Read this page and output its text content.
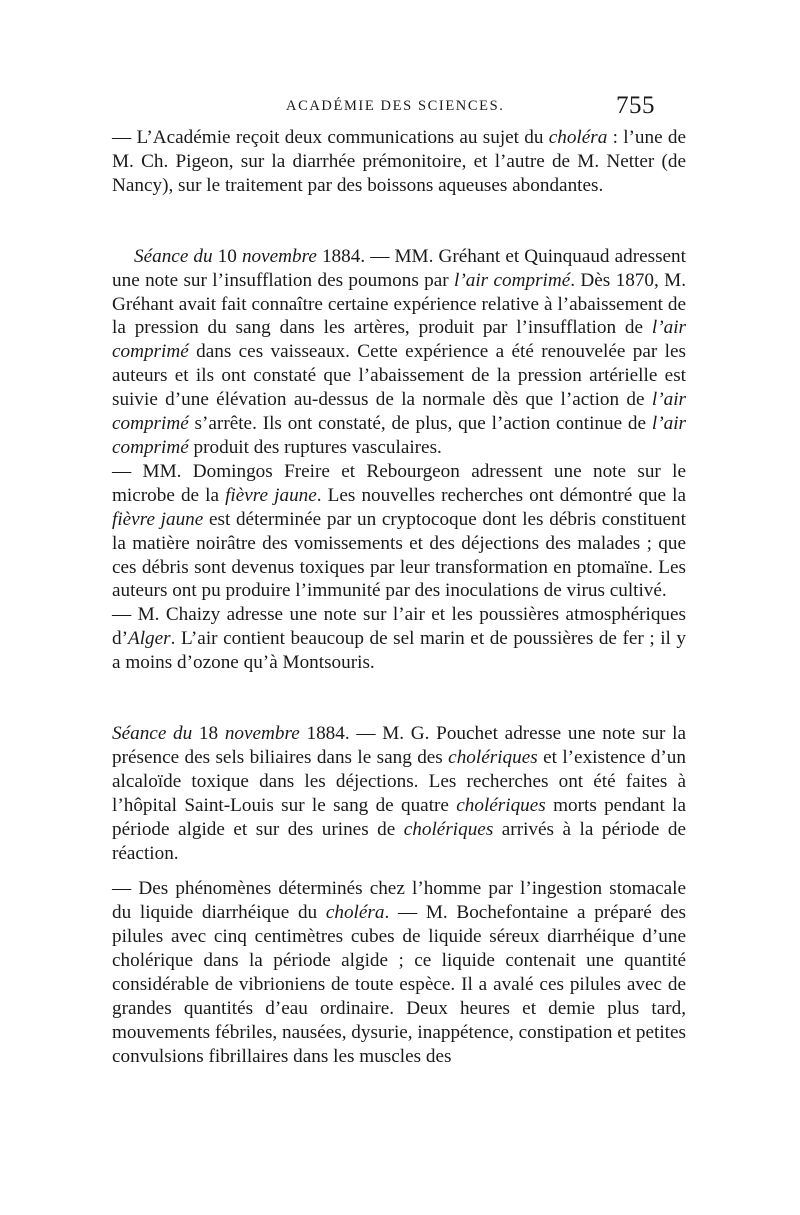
ACADÉMIE DES SCIENCES.	755

— L’Académie reçoit deux communications au sujet du choléra : l’une de M. Ch. Pigeon, sur la diarrhée prémonitoire, et l’autre de M. Netter (de Nancy), sur le traitement par des boissons aqueuses abondantes.

Séance du 10 novembre 1884. — MM. Gréhant et Quinquaud adressent une note sur l’insufflation des poumons par l’air comprimé. Dès 1870, M. Gréhant avait fait connaître certaine expérience relative à l’abaissement de la pression du sang dans les artères, produit par l’insufflation de l’air comprimé dans ces vaisseaux. Cette expérience a été renouvelée par les auteurs et ils ont constaté que l’abaissement de la pression artérielle est suivie d’une élévation au-dessus de la normale dès que l’action de l’air comprimé s’arrête. Ils ont constaté, de plus, que l’action continue de l’air comprimé produit des ruptures vasculaires.

— MM. Domingos Freire et Rebourgeon adressent une note sur le microbe de la fièvre jaune. Les nouvelles recherches ont démontré que la fièvre jaune est déterminée par un cryptocoque dont les débris constituent la matière noirâtre des vomissements et des déjections des malades ; que ces débris sont devenus toxiques par leur transformation en ptomaïne. Les auteurs ont pu produire l’immunité par des inoculations de virus cultivé.

— M. Chaizy adresse une note sur l’air et les poussières atmosphériques d’Alger. L’air contient beaucoup de sel marin et de poussières de fer ; il y a moins d’ozone qu’à Montsouris.

Séance du 18 novembre 1884. — M. G. Pouchet adresse une note sur la présence des sels biliaires dans le sang des cholériques et l’existence d’un alcaloïde toxique dans les déjections. Les recherches ont été faites à l’hôpital Saint-Louis sur le sang de quatre cholériques morts pendant la période algide et sur des urines de cholériques arrivés à la période de réaction.

— Des phénomènes déterminés chez l’homme par l’ingestion stomacale du liquide diarrhéique du choléra. — M. Bochefontaine a préparé des pilules avec cinq centimètres cubes de liquide séreux diarrhéique d’une cholérique dans la période algide ; ce liquide contenait une quantité considérable de vibrioniens de toute espèce. Il a avalé ces pilules avec de grandes quantités d’eau ordinaire. Deux heures et demie plus tard, mouvements fébriles, nausées, dysurie, inappétence, constipation et petites convulsions fibrillaires dans les muscles des
